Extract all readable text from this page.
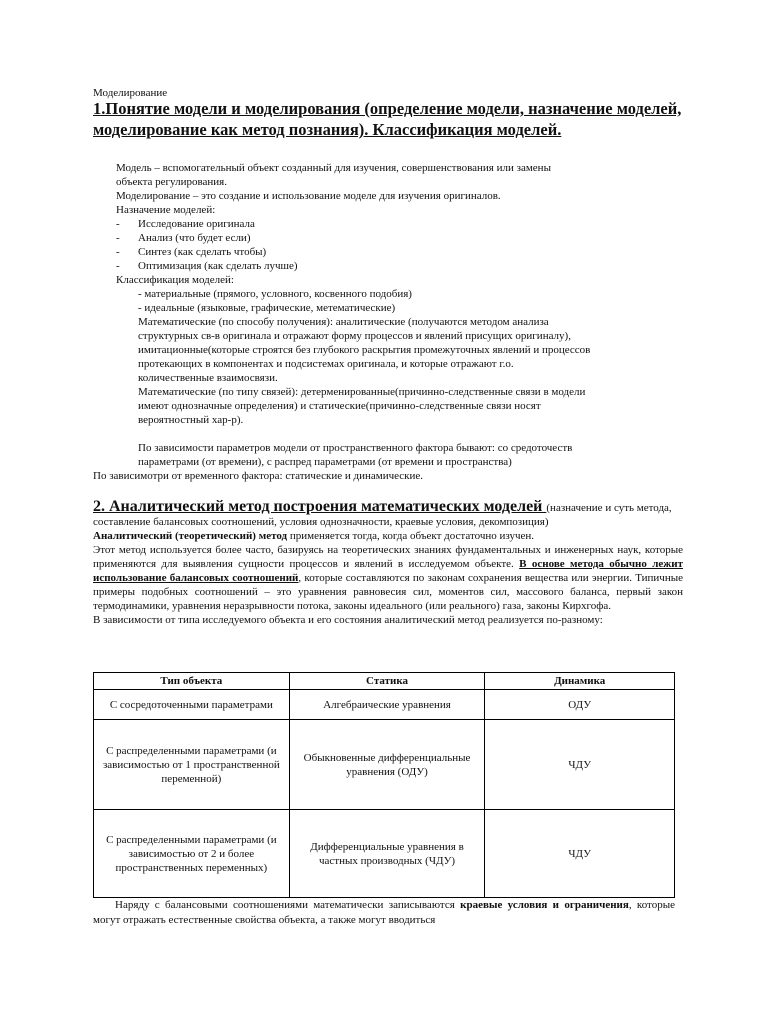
Моделирование
1.Понятие модели и моделирования (определение модели, назначение моделей, моделирование как метод познания). Классификация моделей.
Модель – вспомогательный объект созданный для изучения, совершенствования или замены
объекта регулирования.
Моделирование – это создание и использование моделе для изучения оригиналов.
Назначение моделей:
-	Исследование оригинала
-	Анализ (что будет если)
-	Синтез (как сделать чтобы)
-	Оптимизация (как сделать лучше)
Классификация моделей:
- материальные (прямого, условного, косвенного подобия)
- идеальные (языковые, графические, метематические)
Математические (по способу получения): аналитические (получаются методом анализа
структурных св-в оригинала и отражают форму процессов и явлений присущих оригиналу),
имитационные(которые строятся без глубокого раскрытия промежуточных явлений и процессов
протекающих в компонентах и подсистемах оригинала, и которые отражают г.о.
количественные взаимосвязи.
Математические (по типу связей): детерменированные(причинно-следственные связи в модели
имеют однозначные определения) и статические(причинно-следственные связи носят
вероятностный хар-р).
По зависимости параметров модели от пространственного фактора бывают: со средоточеств
параметрами (от времени), с распред параметрами (от времени и пространства)
По зависимотри от временного фактора: статические и динамические.
2. Аналитический метод построения математических моделей (назначение и суть метода, составление балансовых соотношений, условия однозначности, краевые условия, декомпозиция)
Аналитический (теоретический) метод применяется тогда, когда объект достаточно изучен.
Этот метод используется более часто, базируясь на теоретических знаниях фундаментальных и инженерных наук, которые применяются для выявления сущности процессов и явлений в исследуемом объекте. В основе метода обычно лежит использование балансовых соотношений, которые составляются по законам сохранения вещества или энергии. Типичные примеры подобных соотношений – это уравнения равновесия сил, моментов сил, массового баланса, первый закон термодинамики, уравнения неразрывности потока, законы идеального (или реального) газа, законы Кирхгофа.
В зависимости от типа исследуемого объекта и его состояния аналитический метод реализуется по-разному:
Тип объекта	Статика	Динамика
С сосредоточенными параметрами	Алгебраические уравнения	ОДУ
С распределенными параметрами (и зависимостью от 1 пространственной переменной)	Обыкновенные дифференциальные уравнения (ОДУ)	ЧДУ
С распределенными параметрами (и зависимостью от 2 и более пространственных переменных)	Дифференциальные уравнения в частных производных (ЧДУ)	ЧДУ
Наряду с балансовыми соотношениями математически записываются краевые условия и ограничения, которые могут отражать естественные свойства объекта, а также могут вводиться
